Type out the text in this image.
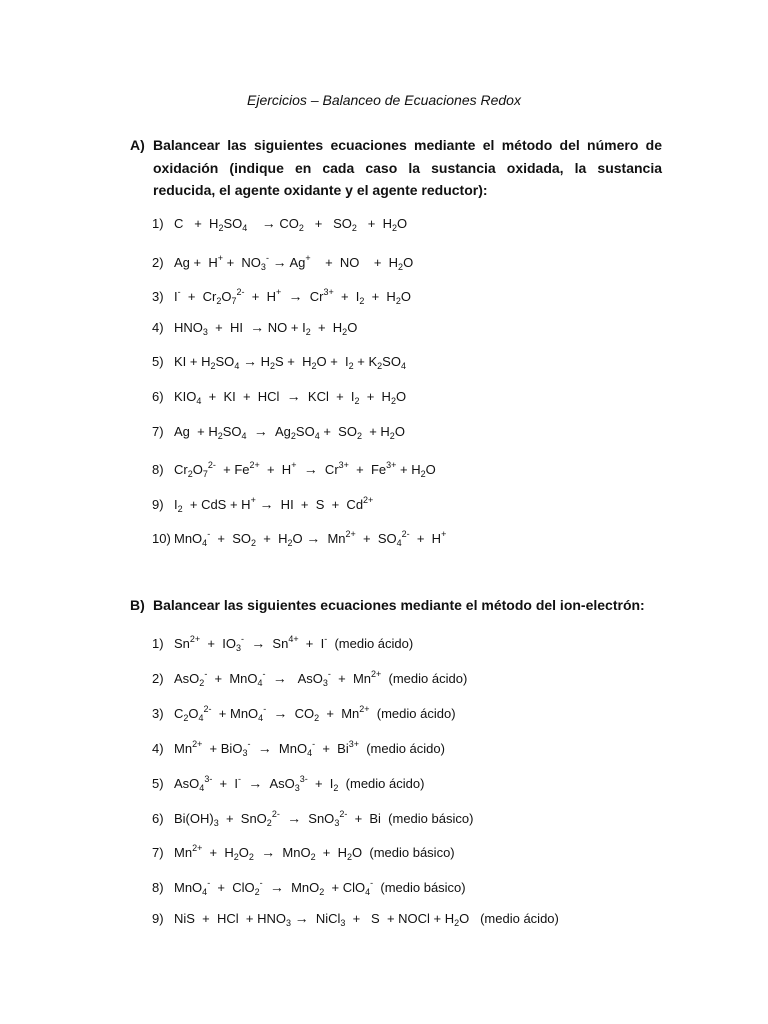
Ejercicios – Balanceo de Ecuaciones Redox
A) Balancear las siguientes ecuaciones mediante el método del número de oxidación (indique en cada caso la sustancia oxidada, la sustancia reducida, el agente oxidante y el agente reductor):
1) $C + H_2SO_4 \to CO_2 + SO_2 + H_2O$
2) $Ag + H^+ + NO_3^- \to Ag^+$    +  NO    +  $H_2O$
3) $I^- + Cr_2O_7^{2-} + H^+ \to Cr^{3+} + I_2 + H_2O$
4) $HNO_3$  +  HI  → NO + $I_2 + H_2O$
5) KI + $H_2SO_4 \to H_2S + H_2O + I_2 + K_2SO_4$
6) $KIO_4$  +  KI  +  HCl  →  KCl  +  $I_2 + H_2O$
7) $Ag + H_2SO_4 \to Ag_2SO_4 + SO_2 + H_2O$
8) $Cr_2O_7^{2-} + Fe^{2+} + H^+ \to Cr^{3+} + Fe^{3+} + H_2O$
9) $I_2$  + CdS + H+ →  HI  +  $S + Cd^{2+}$
10) $MnO_4^- + SO_2 + H_2O \to Mn^{2+} + SO_4^{2-} + H^+$
B) Balancear las siguientes ecuaciones mediante el método del ion-electrón:
1) $Sn^{2+} + IO_3^- \to Sn^{4+} + I^-$  (medio ácido)
2) $AsO_2^- + MnO_4^- \to AsO_3^- + Mn^{2+}$  (medio ácido)
3) $C_2O_4^{2-} + MnO_4^- \to CO_2 + Mn^{2+}$  (medio ácido)
4) $Mn^{2+} + BiO_3^- \to MnO_4^- + Bi^{3+}$  (medio ácido)
5) $AsO_4^{3-} + I^- \to AsO_3^{3-} + I_2$  (medio ácido)
6) $Bi(OH)_3 + SnO_2^{2-} \to SnO_3^{2-} + Bi$  (medio básico)
7) $Mn^{2+} + H_2O_2 \to MnO_2 + H_2O$  (medio básico)
8) MnO$_4$-  +  ClO$_2$- →  MnO$_2$  + ClO$_4$-  (medio básico)
9) NiS  +  HCl  + $HNO_3$ →  NiCl$_3$  +   S  + NOCl + $H_2O$   (medio ácido)
